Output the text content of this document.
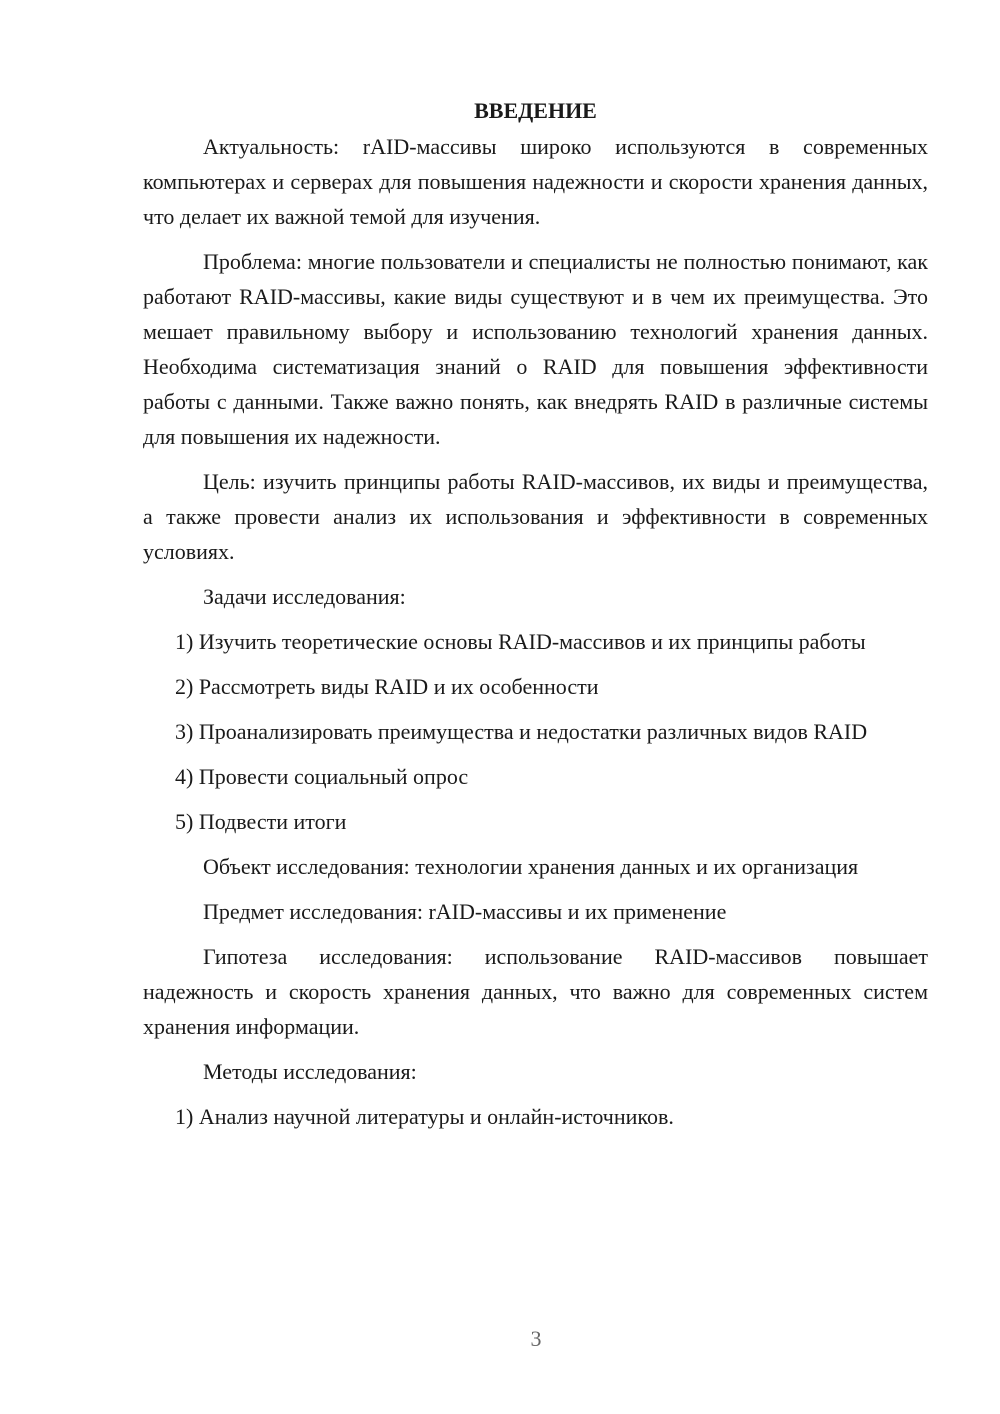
ВВЕДЕНИЕ

Актуальность: rAID-массивы широко используются в современных компьютерах и серверах для повышения надежности и скорости хранения данных, что делает их важной темой для изучения.

Проблема: многие пользователи и специалисты не полностью понимают, как работают RAID-массивы, какие виды существуют и в чем их преимущества. Это мешает правильному выбору и использованию технологий хранения данных. Необходима систематизация знаний о RAID для повышения эффективности работы с данными. Также важно понять, как внедрять RAID в различные системы для повышения их надежности.

Цель: изучить принципы работы RAID-массивов, их виды и преимущества, а также провести анализ их использования и эффективности в современных условиях.

Задачи исследования:

1) Изучить теоретические основы RAID-массивов и их принципы работы

2) Рассмотреть виды RAID и их особенности

3) Проанализировать преимущества и недостатки различных видов RAID

4) Провести социальный опрос

5) Подвести итоги

Объект исследования: технологии хранения данных и их организация

Предмет исследования: rAID-массивы и их применение

Гипотеза исследования: использование RAID-массивов повышает надежность и скорость хранения данных, что важно для современных систем хранения информации.

Методы исследования:

1) Анализ научной литературы и онлайн-источников.

3
